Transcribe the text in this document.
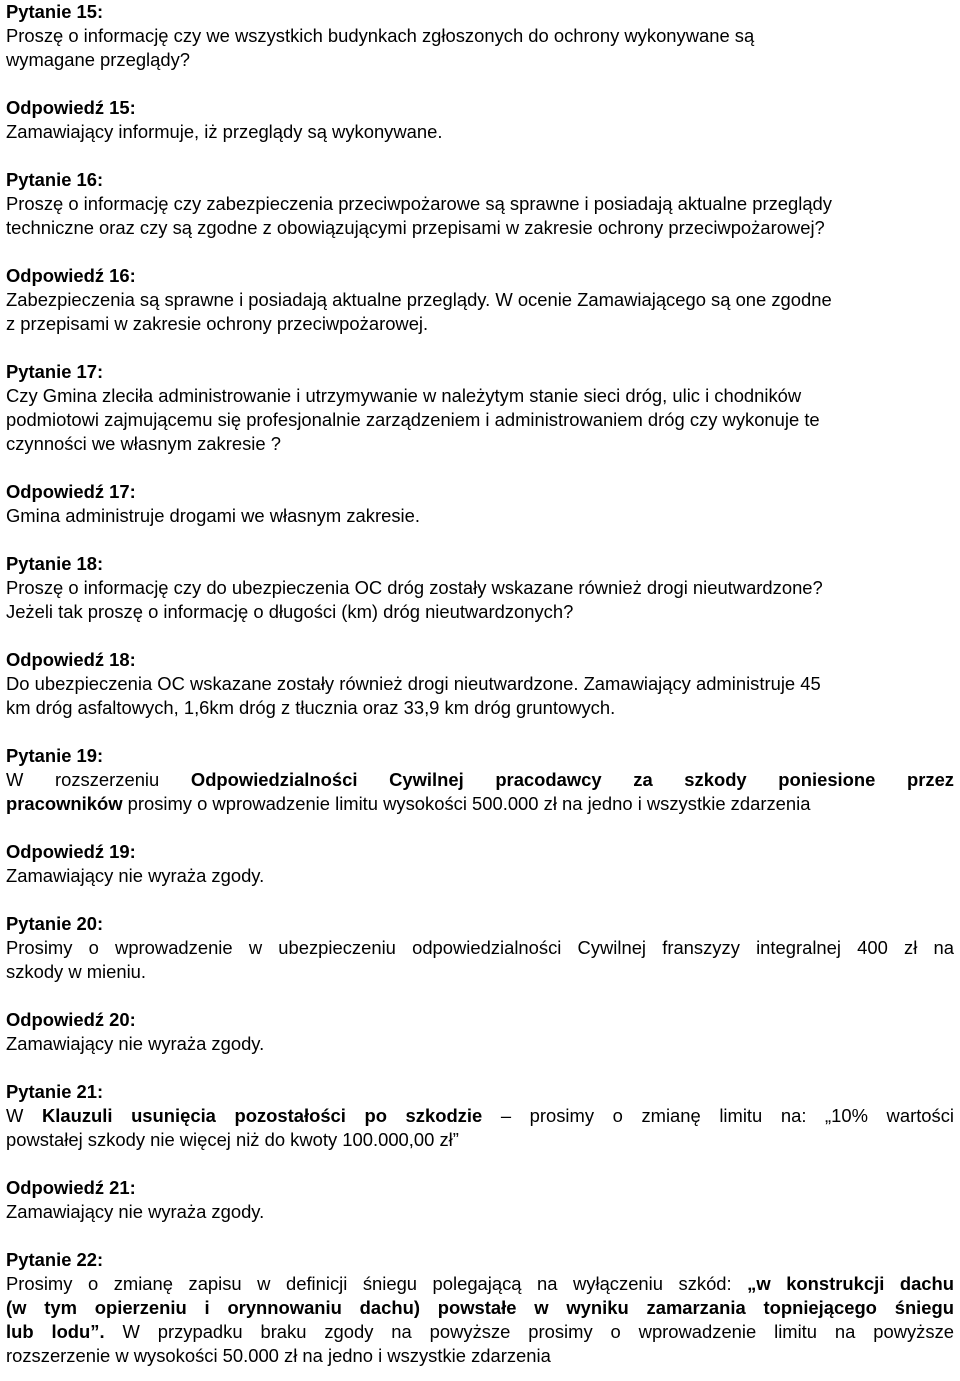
Pytanie 15:
Proszę o informację czy we wszystkich budynkach zgłoszonych do ochrony wykonywane są
wymagane przeglądy?
Odpowiedź 15:
Zamawiający informuje, iż przeglądy są wykonywane.
Pytanie 16:
Proszę o informację czy zabezpieczenia przeciwpożarowe są sprawne i posiadają aktualne przeglądy
techniczne oraz czy są zgodne z obowiązującymi przepisami w zakresie ochrony przeciwpożarowej?
Odpowiedź 16:
Zabezpieczenia są sprawne i posiadają aktualne przeglądy. W ocenie Zamawiającego są one zgodne
z przepisami w zakresie ochrony przeciwpożarowej.
Pytanie 17:
Czy Gmina zleciła administrowanie i utrzymywanie w należytym stanie sieci dróg, ulic i chodników
podmiotowi zajmującemu się profesjonalnie zarządzeniem i administrowaniem dróg czy wykonuje te
czynności we własnym zakresie ?
Odpowiedź 17:
Gmina administruje drogami we własnym zakresie.
Pytanie 18:
Proszę o informację czy do ubezpieczenia OC dróg zostały wskazane również drogi nieutwardzone?
Jeżeli tak proszę o informację o długości (km) dróg nieutwardzonych?
Odpowiedź 18:
Do ubezpieczenia OC wskazane zostały również drogi nieutwardzone. Zamawiający administruje 45
km dróg asfaltowych, 1,6km dróg z tłucznia oraz 33,9 km dróg gruntowych.
Pytanie 19:
W rozszerzeniu Odpowiedzialności Cywilnej pracodawcy za szkody poniesione przez
pracowników prosimy o wprowadzenie limitu wysokości 500.000 zł na jedno i wszystkie zdarzenia
Odpowiedź 19:
Zamawiający nie wyraża zgody.
Pytanie 20:
Prosimy o wprowadzenie w ubezpieczeniu odpowiedzialności Cywilnej franszyzy integralnej 400 zł na
szkody w mieniu.
Odpowiedź 20:
Zamawiający nie wyraża zgody.
Pytanie 21:
W Klauzuli usunięcia pozostałości po szkodzie – prosimy o zmianę limitu na: „10% wartości
powstałej szkody nie więcej niż do kwoty 100.000,00 zł”
Odpowiedź 21:
Zamawiający nie wyraża zgody.
Pytanie 22:
Prosimy o zmianę zapisu w definicji śniegu polegającą na wyłączeniu szkód: „w konstrukcji dachu
(w tym opierzeniu i orynnowaniu dachu) powstałe w wyniku zamarzania topniejącego śniegu
lub lodu”. W przypadku braku zgody na powyższe prosimy o wprowadzenie limitu na powyższe
rozszerzenie w wysokości 50.000 zł na jedno i wszystkie zdarzenia
